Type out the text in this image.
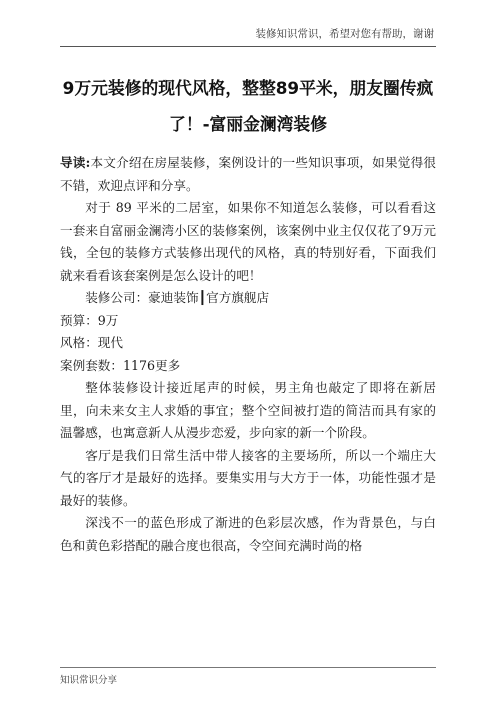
装修知识常识，希望对您有帮助，谢谢
9万元装修的现代风格，整整89平米，朋友圈传疯了！-富丽金澜湾装修

导读:本文介绍在房屋装修，案例设计的一些知识事项，如果觉得很不错，欢迎点评和分享。

对于 89 平米的二居室，如果你不知道怎么装修，可以看看这一套来自富丽金澜湾小区的装修案例，该案例中业主仅仅花了9万元钱，全包的装修方式装修出现代的风格，真的特别好看，下面我们就来看看该套案例是怎么设计的吧！

装修公司：豪迪装饰┃官方旗舰店

预算：9万

风格：现代

案例套数：1176更多

整体装修设计接近尾声的时候，男主角也敲定了即将在新居里，向未来女主人求婚的事宜；整个空间被打造的简洁而具有家的温馨感，也寓意新人从漫步恋爱，步向家的新一个阶段。

客厅是我们日常生活中带人接客的主要场所，所以一个端庄大气的客厅才是最好的选择。要集实用与大方于一体，功能性强才是最好的装修。

深浅不一的蓝色形成了渐进的色彩层次感，作为背景色，与白色和黄色彩搭配的融合度也很高，令空间充满时尚的格

知识常识分享
